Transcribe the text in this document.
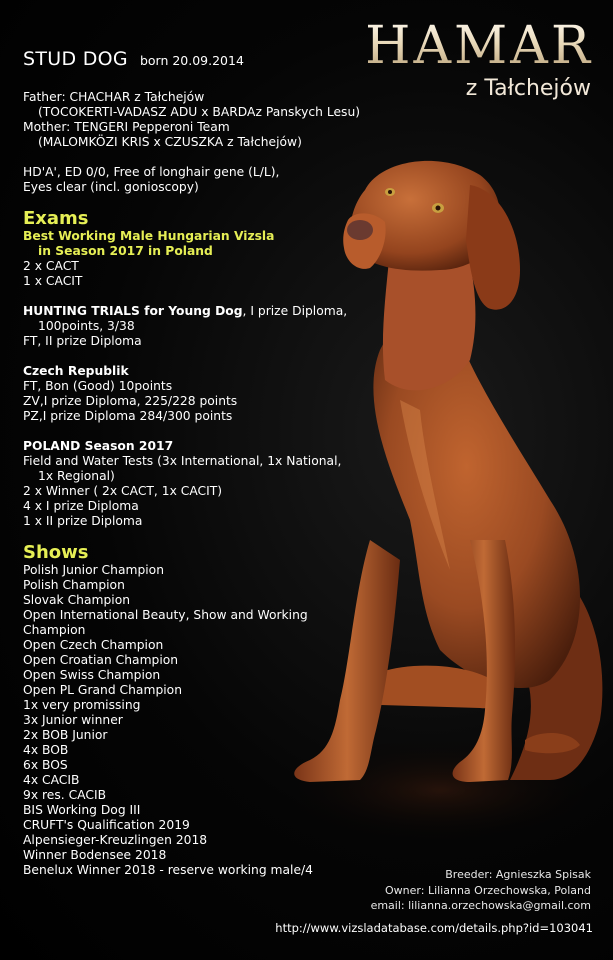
HAMAR
z Tałchejów
STUD DOG born 20.09.2014
Father: CHACHAR z Tałchejów
(TOCOKERTI-VADASZ ADU x BARDAz Panskych Lesu)
Mother: TENGERI Pepperoni Team
(MALOMKÖZI KRIS x CZUSZKA z Tałchejów)
HD'A', ED 0/0, Free of longhair gene (L/L),
Eyes clear (incl. gonioscopy)
Exams
Best Working Male Hungarian Vizsla
in Season 2017 in Poland
2 x CACT
1 x CACIT
HUNTING TRIALS for Young Dog, I prize Diploma,
100points, 3/38
FT, II prize Diploma
Czech Republik
FT, Bon (Good) 10points
ZV,I prize Diploma, 225/228 points
PZ,I prize Diploma 284/300 points
POLAND Season 2017
Field and Water Tests (3x International, 1x National,
1x Regional)
2 x Winner ( 2x CACT, 1x CACIT)
4 x I prize Diploma
1 x II prize Diploma
Shows
Polish Junior Champion
Polish Champion
Slovak Champion
Open International Beauty, Show and Working
Champion
Open Czech Champion
Open Croatian Champion
Open Swiss Champion
Open PL Grand Champion
1x very promissing
3x Junior winner
2x BOB Junior
4x BOB
6x BOS
4x CACIB
9x res. CACIB
BIS Working Dog III
CRUFT's Qualification 2019
Alpensieger-Kreuzlingen 2018
Winner Bodensee 2018
Benelux Winner 2018 - reserve working male/4	Breeder: Agnieszka Spisak
Owner: Lilianna Orzechowska, Poland
email: lilianna.orzechowska@gmail.com
http://www.vizsladatabase.com/details.php?id=103041
